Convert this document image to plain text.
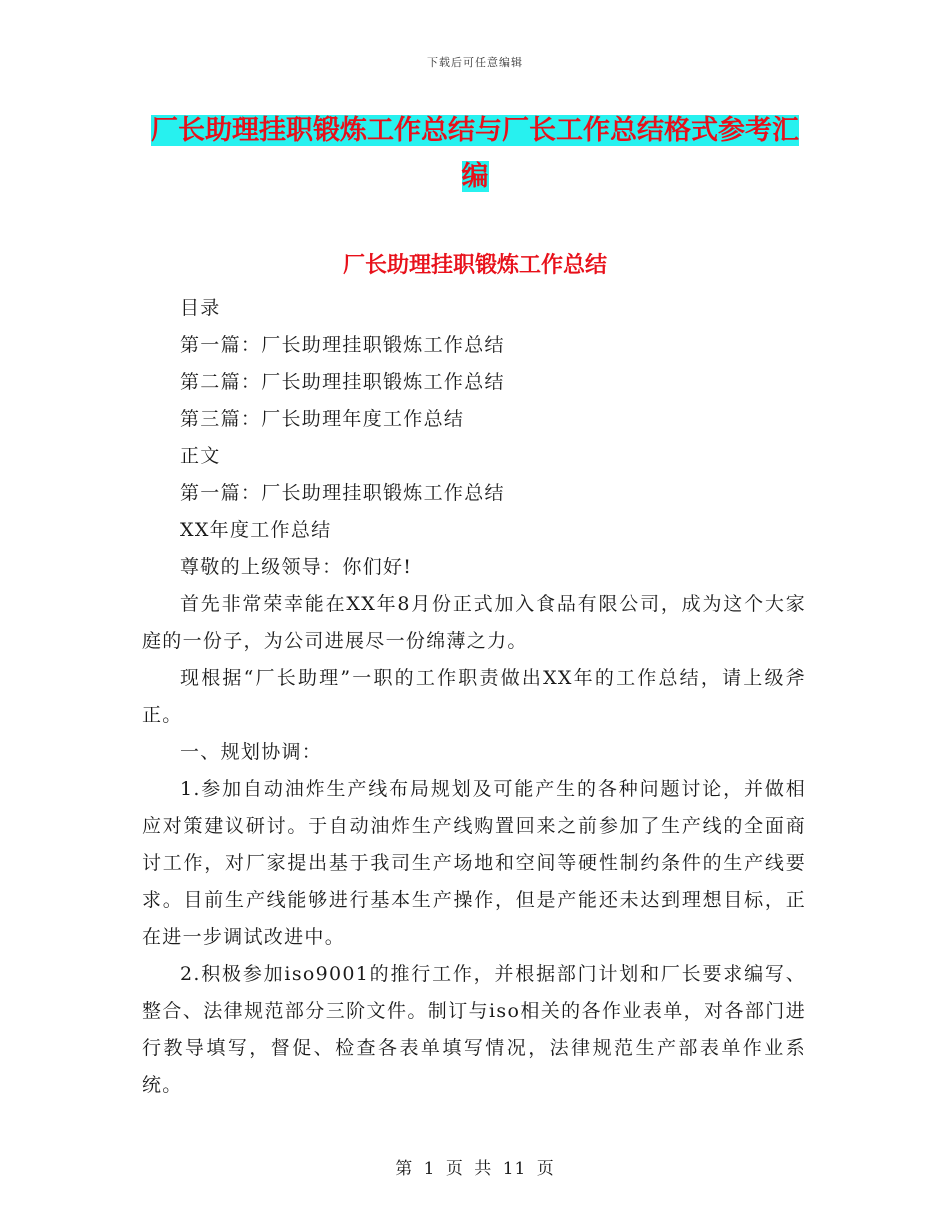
下载后可任意编辑
厂长助理挂职锻炼工作总结与厂长工作总结格式参考汇编
厂长助理挂职锻炼工作总结

目录

第一篇：厂长助理挂职锻炼工作总结

第二篇：厂长助理挂职锻炼工作总结

第三篇：厂长助理年度工作总结

正文

第一篇：厂长助理挂职锻炼工作总结

XX年度工作总结

尊敬的上级领导：你们好!

首先非常荣幸能在XX年8月份正式加入食品有限公司，成为这个大家庭的一份子，为公司进展尽一份绵薄之力。

现根据“厂长助理”一职的工作职责做出XX年的工作总结，请上级斧正。

一、规划协调：

1.参加自动油炸生产线布局规划及可能产生的各种问题讨论，并做相应对策建议研讨。于自动油炸生产线购置回来之前参加了生产线的全面商讨工作，对厂家提出基于我司生产场地和空间等硬性制约条件的生产线要求。目前生产线能够进行基本生产操作，但是产能还未达到理想目标，正在进一步调试改进中。

2.积极参加iso9001的推行工作，并根据部门计划和厂长要求编写、整合、法律规范部分三阶文件。制订与iso相关的各作业表单，对各部门进行教导填写，督促、检查各表单填写情况，法律规范生产部表单作业系统。

第 1 页 共 11 页
